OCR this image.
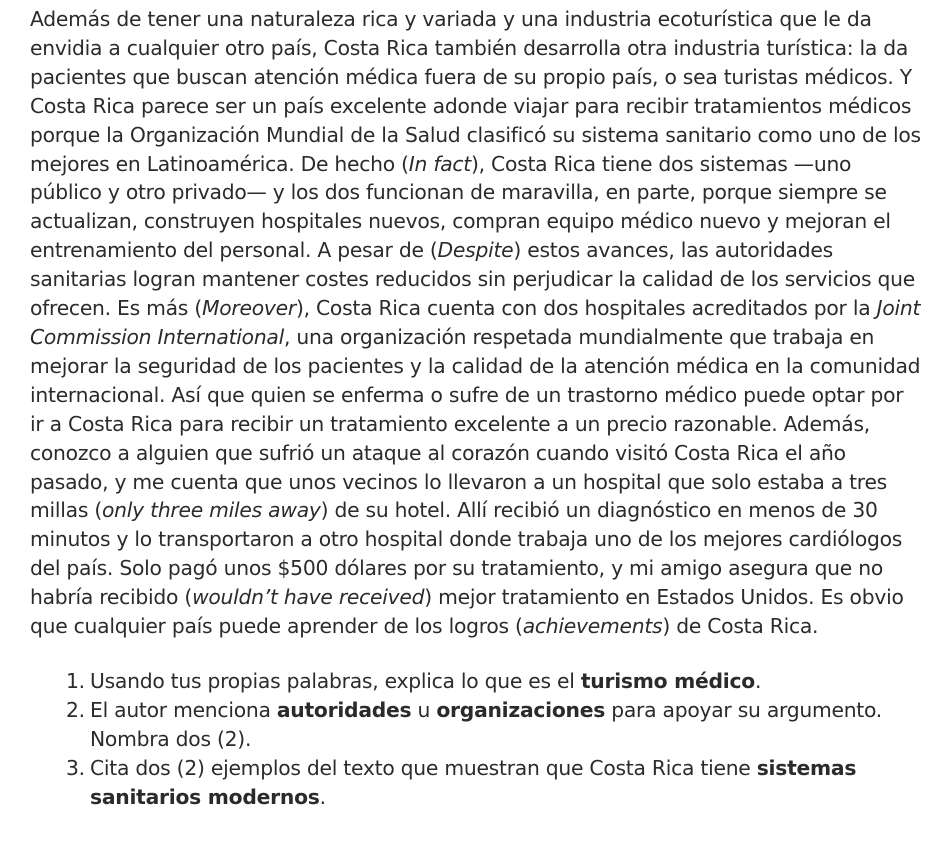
Además de tener una naturaleza rica y variada y una industria ecoturística que le da envidia a cualquier otro país, Costa Rica también desarrolla otra industria turística: la da pacientes que buscan atención médica fuera de su propio país, o sea turistas médicos. Y Costa Rica parece ser un país excelente adonde viajar para recibir tratamientos médicos porque la Organización Mundial de la Salud clasificó su sistema sanitario como uno de los mejores en Latinoamérica. De hecho (In fact), Costa Rica tiene dos sistemas —uno público y otro privado— y los dos funcionan de maravilla, en parte, porque siempre se actualizan, construyen hospitales nuevos, compran equipo médico nuevo y mejoran el entrenamiento del personal. A pesar de (Despite) estos avances, las autoridades sanitarias logran mantener costes reducidos sin perjudicar la calidad de los servicios que ofrecen. Es más (Moreover), Costa Rica cuenta con dos hospitales acreditados por la Joint Commission International, una organización respetada mundialmente que trabaja en mejorar la seguridad de los pacientes y la calidad de la atención médica en la comunidad internacional. Así que quien se enferma o sufre de un trastorno médico puede optar por ir a Costa Rica para recibir un tratamiento excelente a un precio razonable. Además, conozco a alguien que sufrió un ataque al corazón cuando visitó Costa Rica el año pasado, y me cuenta que unos vecinos lo llevaron a un hospital que solo estaba a tres millas (only three miles away) de su hotel. Allí recibió un diagnóstico en menos de 30 minutos y lo transportaron a otro hospital donde trabaja uno de los mejores cardiólogos del país. Solo pagó unos $500 dólares por su tratamiento, y mi amigo asegura que no habría recibido (wouldn’t have received) mejor tratamiento en Estados Unidos. Es obvio que cualquier país puede aprender de los logros (achievements) de Costa Rica.

1. Usando tus propias palabras, explica lo que es el turismo médico.
2. El autor menciona autoridades u organizaciones para apoyar su argumento. Nombra dos (2).
3. Cita dos (2) ejemplos del texto que muestran que Costa Rica tiene sistemas sanitarios modernos.
